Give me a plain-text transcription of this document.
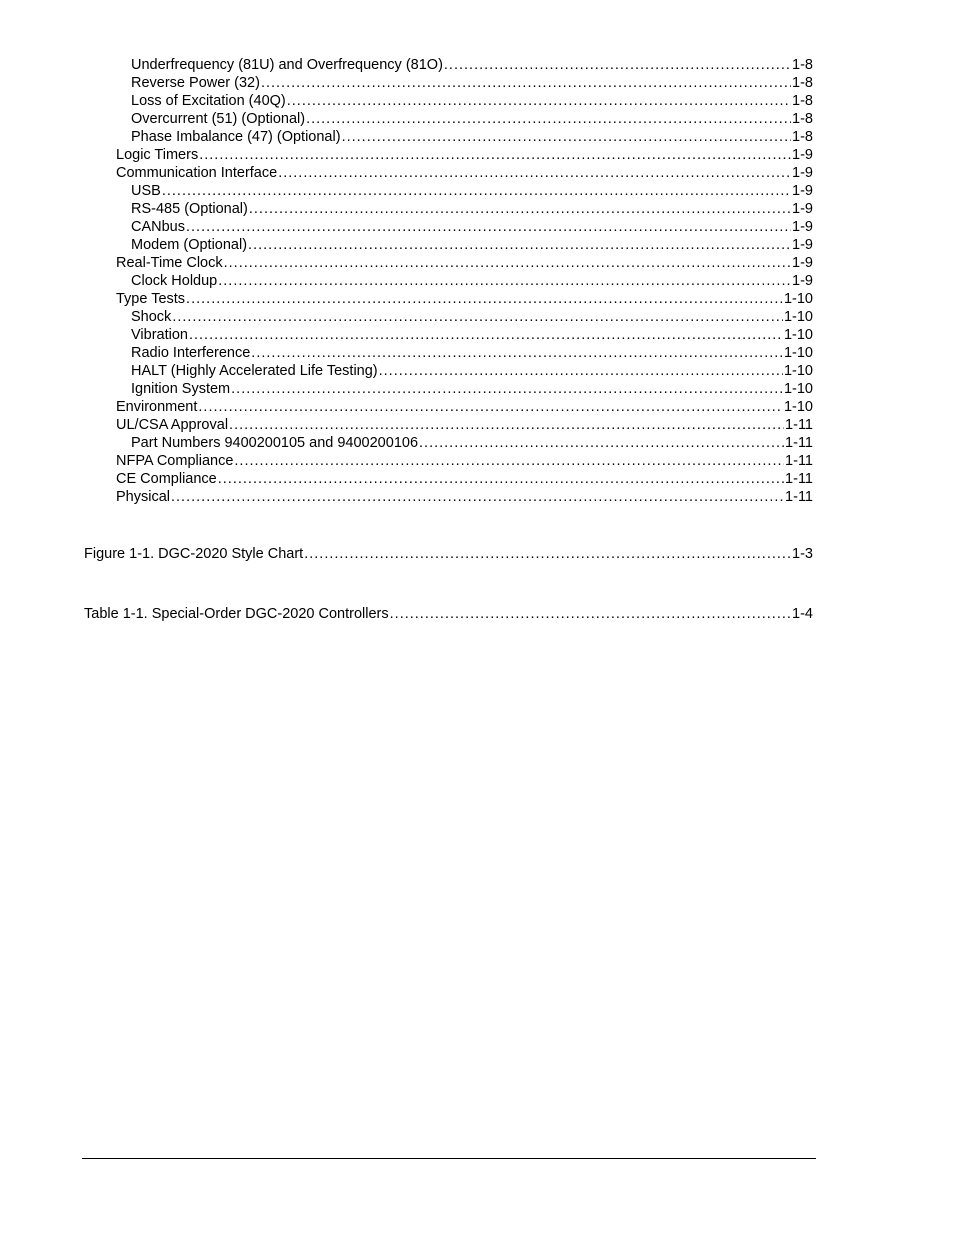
Underfrequency (81U) and Overfrequency (81O) .....	1-8
Reverse Power (32) .....	1-8
Loss of Excitation (40Q) .....	1-8
Overcurrent (51) (Optional) .....	1-8
Phase Imbalance (47) (Optional) .....	1-8
Logic Timers .....	1-9
Communication Interface .....	1-9
USB .....	1-9
RS-485 (Optional) .....	1-9
CANbus .....	1-9
Modem (Optional) .....	1-9
Real-Time Clock .....	1-9
Clock Holdup .....	1-9
Type Tests .....	1-10
Shock .....	1-10
Vibration .....	1-10
Radio Interference .....	1-10
HALT (Highly Accelerated Life Testing) .....	1-10
Ignition System .....	1-10
Environment .....	1-10
UL/CSA Approval .....	1-11
Part Numbers 9400200105 and 9400200106 .....	1-11
NFPA Compliance .....	1-11
CE Compliance .....	1-11
Physical .....	1-11
Figure 1-1. DGC-2020 Style Chart .....	1-3
Table 1-1. Special-Order DGC-2020 Controllers .....	1-4
